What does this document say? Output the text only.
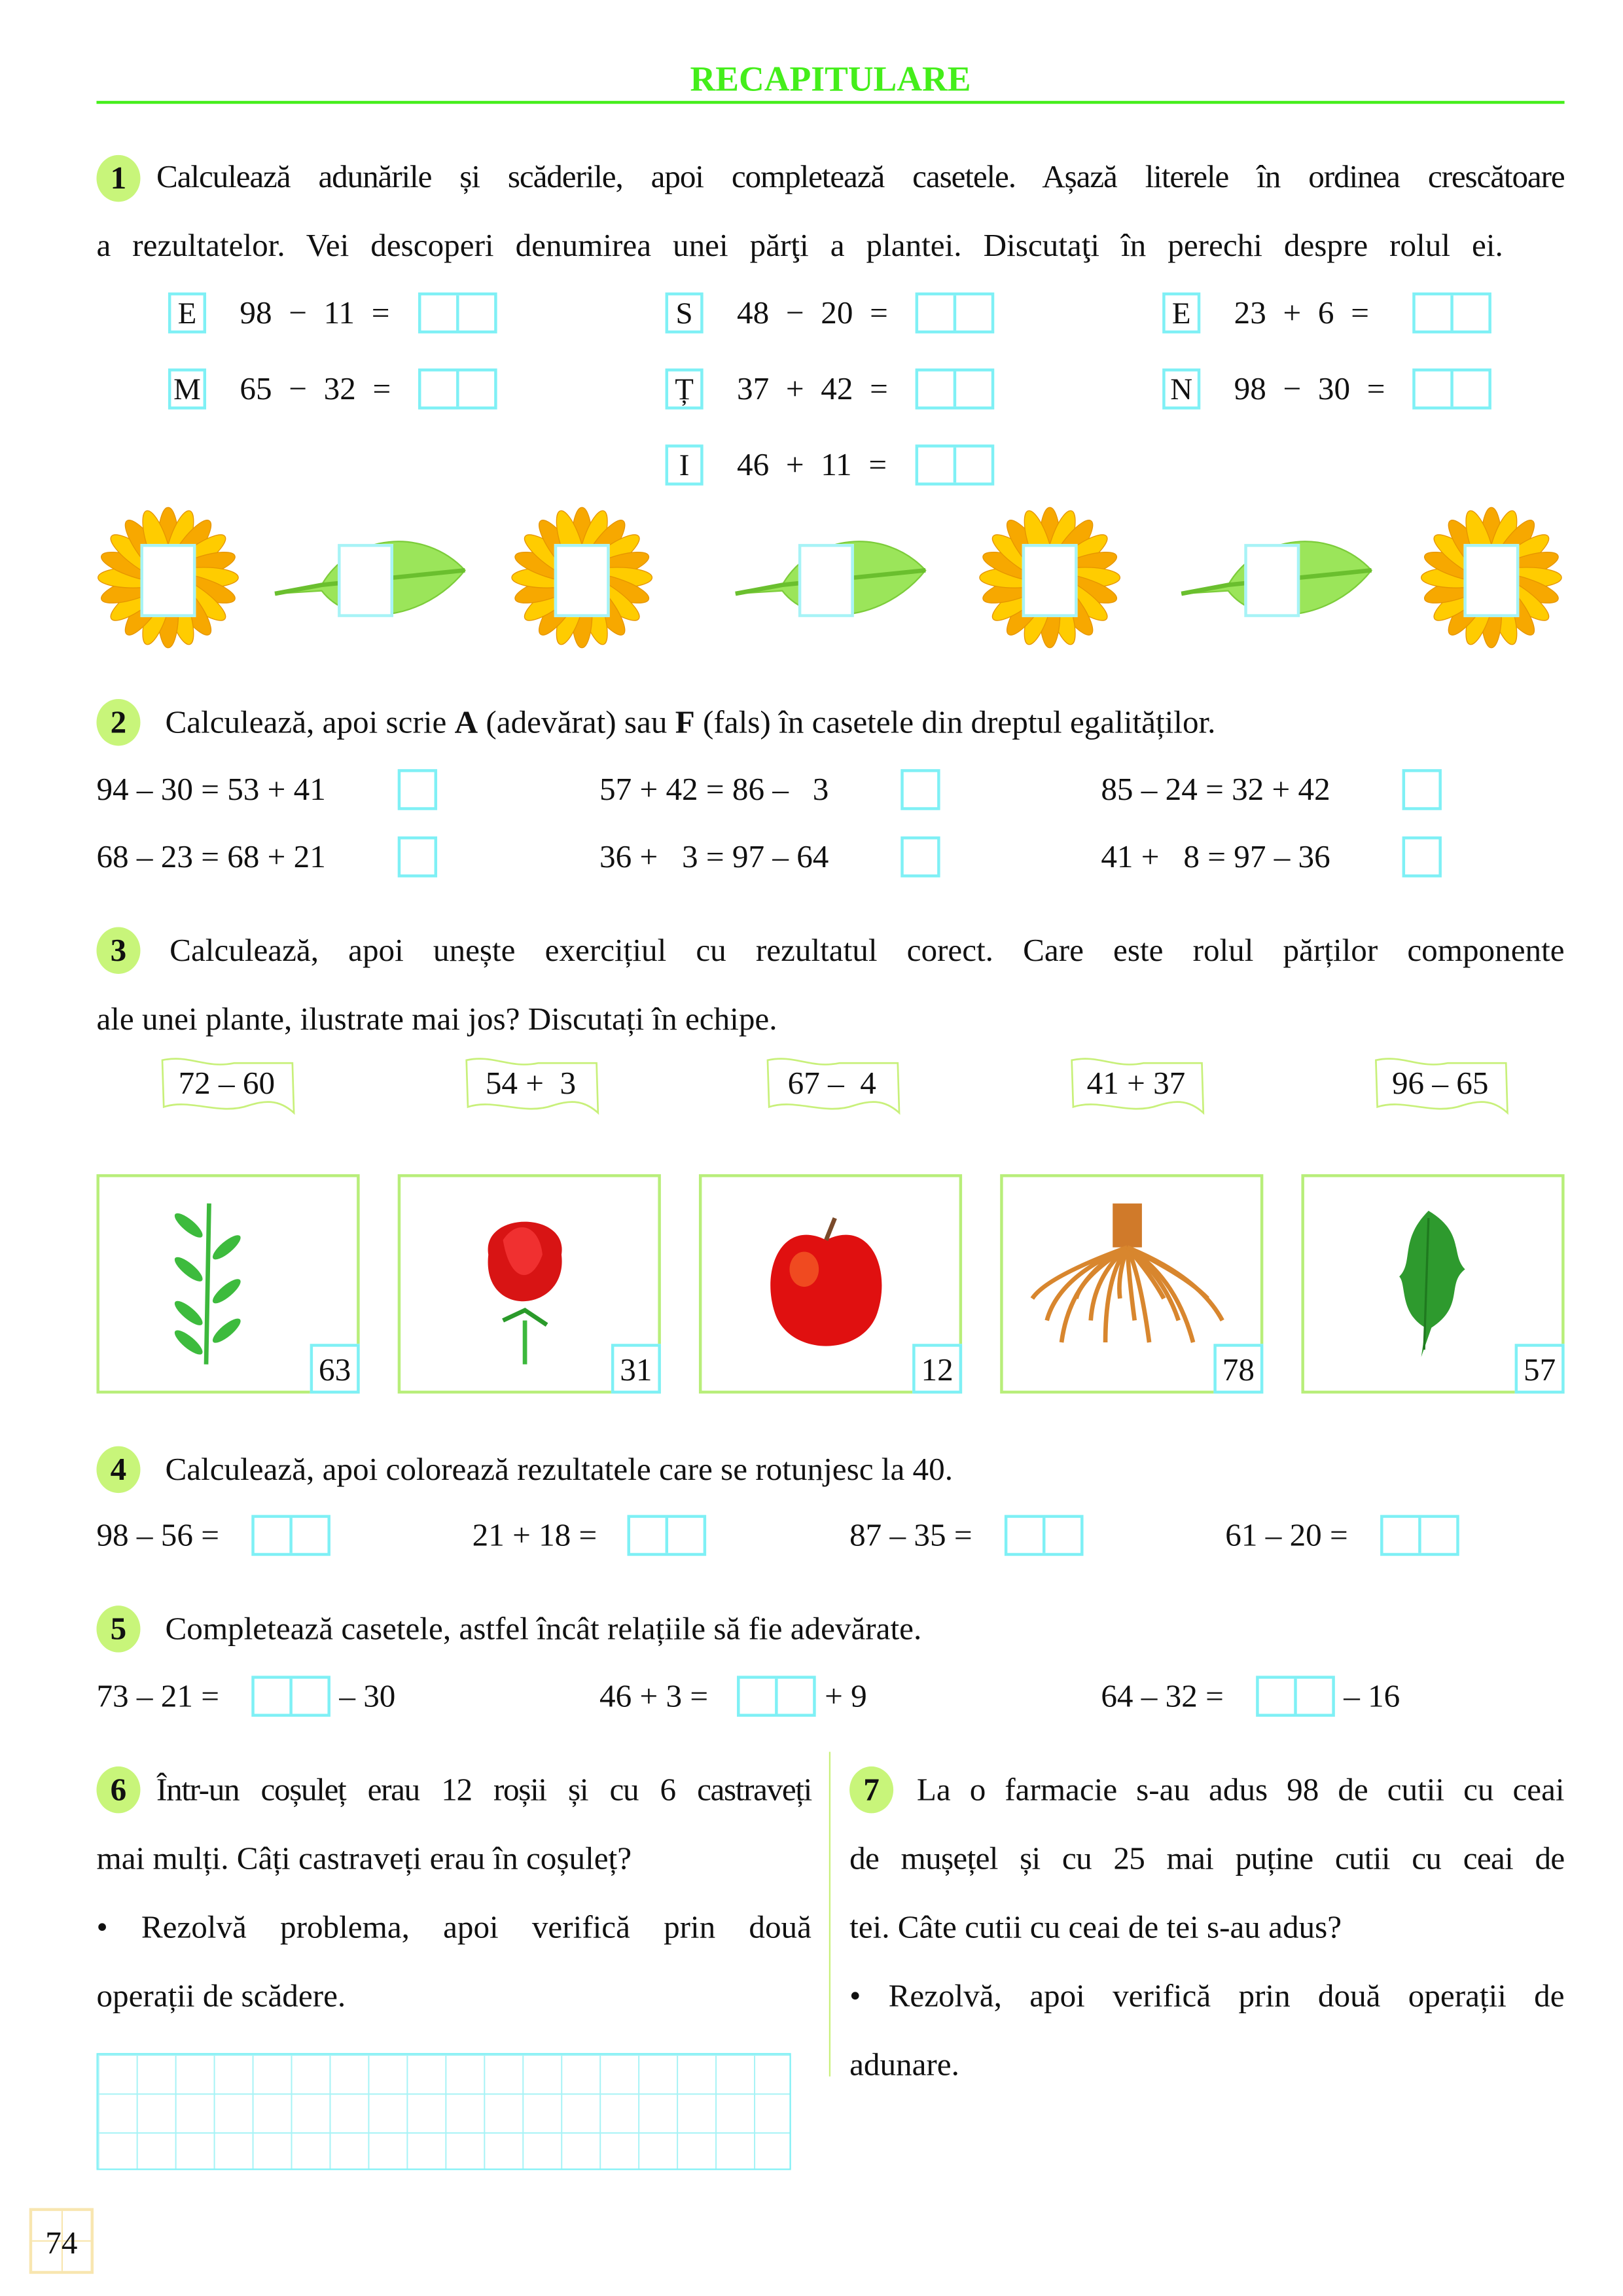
RECAPITULARE
1	Calculează adunările și scăderile, apoi completează casetele. Așază literele în ordinea crescătoare
a rezultatelor. Vei descoperi denumirea unei părţi a plantei. Discutaţi în perechi despre rolul ei.
2	Calculează, apoi scrie A (adevărat) sau F (fals) în casetele din dreptul egalităților.
3	Calculează, apoi unește exercițiul cu rezultatul corect. Care este rolul părților componente
ale unei plante, ilustrate mai jos? Discutați în echipe.
4	Calculează, apoi colorează rezultatele care se rotunjesc la 40.
5	Completează casetele, astfel încât relațiile să fie adevărate.
6	Într-un coșuleț erau 12 roșii și cu 6 castraveți
mai mulți. Câți castraveți erau în coșuleț?
• Rezolvă problema, apoi verifică prin două
operații de scădere.
7	La o farmacie s-au adus 98 de cutii cu ceai
de mușețel și cu 25 mai puține cutii cu ceai de
tei. Câte cutii cu ceai de tei s-au adus?
• Rezolvă, apoi verifică prin două operații de
adunare.
74
E	98 − 11 =	S	48 − 20 =	E	23 + 6 =
M	65 − 32 =	Ț	37 + 42 =	N	98 − 30 =
I	46 + 11 =
94 – 30 = 53 + 41	57 + 42 = 86 –   3	85 – 24 = 32 + 42
68 – 23 = 68 + 21	36 +   3 = 97 – 64	41 +   8 = 97 – 36
72 – 60	54 +  3	67 –  4	41 + 37	96 – 65
63	31	12	78	57
98 – 56 =	21 + 18 =	87 – 35 =	61 – 20 =
73 – 21 =	– 30	46 + 3 =	+ 9	64 – 32 =	– 16
